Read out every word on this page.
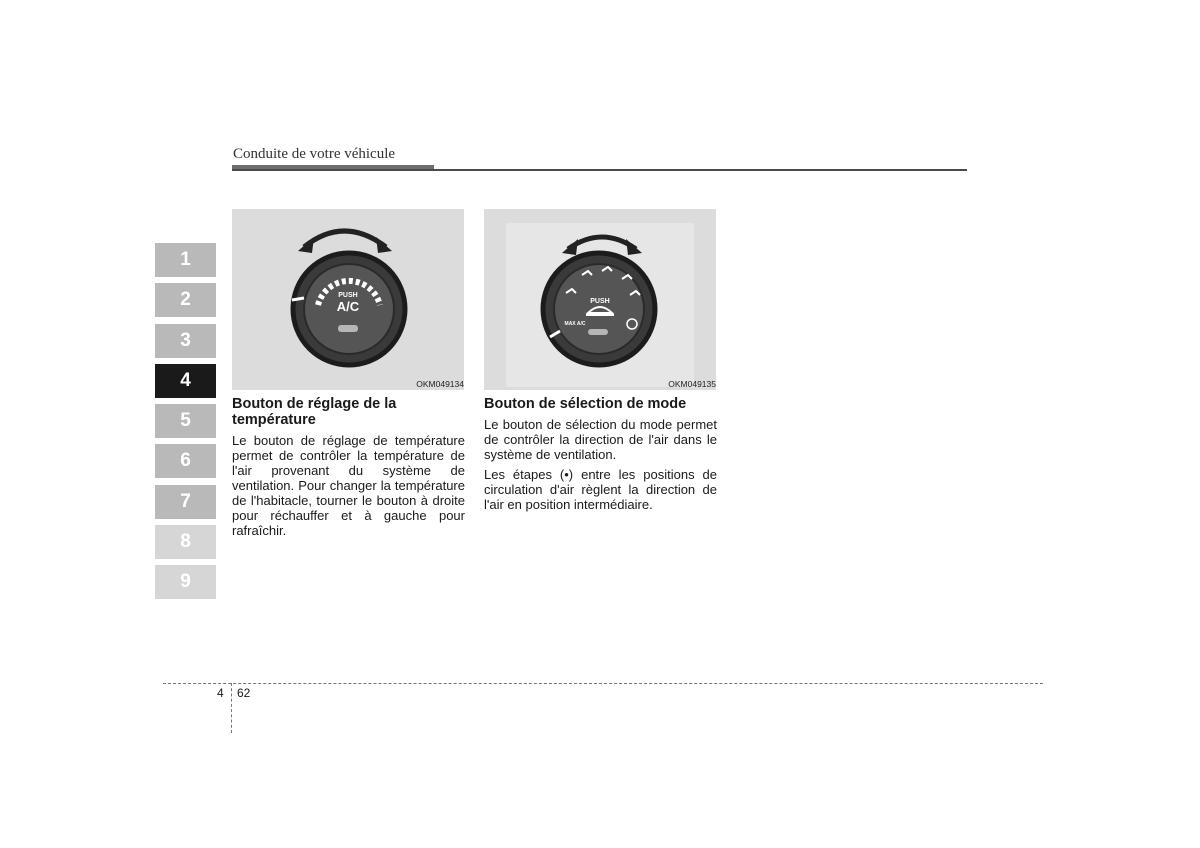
Conduite de votre véhicule
1
2
3
4
5
6
7
8
9
PUSH
A/C
OKM049134
PUSH
MAX A/C
OKM049135
Bouton de réglage de la température

Le bouton de réglage de température permet de contrôler la température de l'air provenant du système de ventilation. Pour changer la température de l'habitacle, tourner le bouton à droite pour réchauffer et à gauche pour rafraîchir.

Bouton de sélection de mode

Le bouton de sélection du mode permet de contrôler la direction de l'air dans le système de ventilation.

Les étapes (•) entre les positions de circulation d'air règlent la direction de l'air en position intermédiaire.

4 62
